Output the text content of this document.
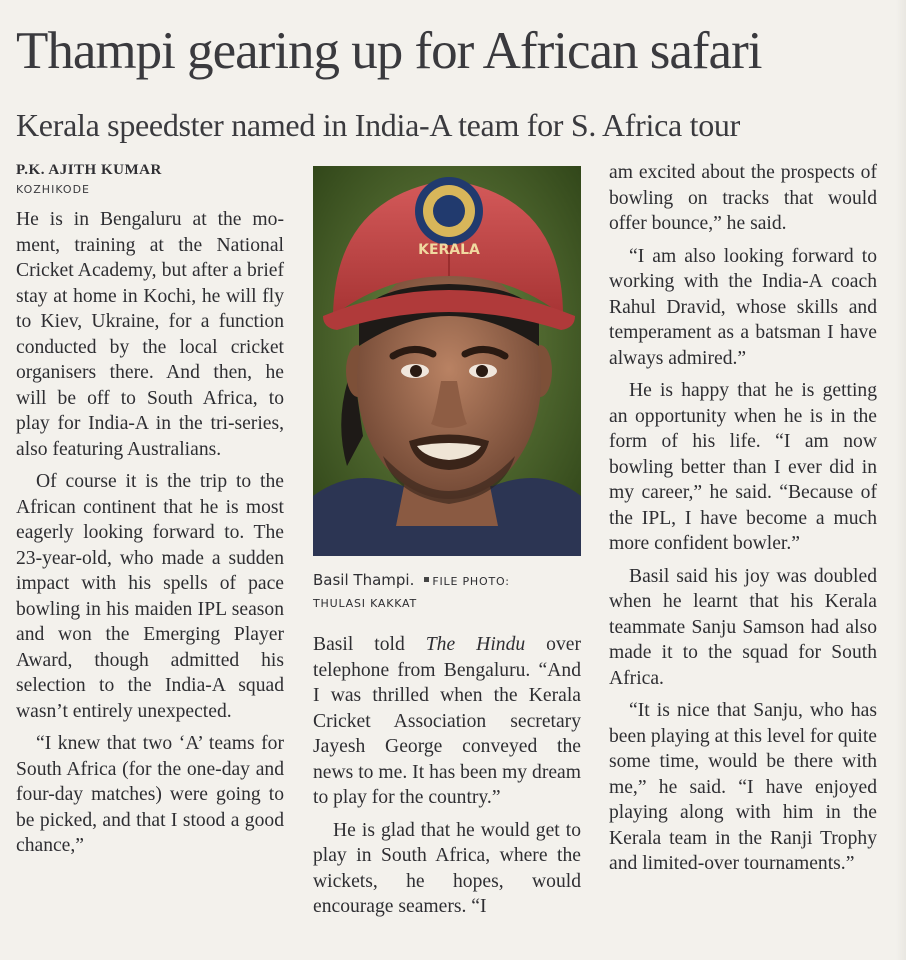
Thampi gearing up for African safari
Kerala speedster named in India-A team for S. Africa tour
P.K. AJITH KUMAR
KOZHIKODE

He is in Bengaluru at the moment, training at the National Cricket Academy, but after a brief stay at home in Kochi, he will fly to Kiev, Ukraine, for a function conducted by the local cricket organisers there. And then, he will be off to South Africa, to play for India-A in the tri-series, also featuring Australians.

Of course it is the trip to the African continent that he is most eagerly looking forward to. The 23-year-old, who made a sudden impact with his spells of pace bowling in his maiden IPL season and won the Emerging Player Award, though admitted his selection to the India-A squad wasn’t entirely unexpected.

“I knew that two ‘A’ teams for South Africa (for the one-day and four-day matches) were going to be picked, and that I stood a good chance,”

KERALA
Basil Thampi. FILE PHOTO:
THULASI KAKKAT

Basil told The Hindu over telephone from Bengaluru. “And I was thrilled when the Kerala Cricket Association secretary Jayesh George conveyed the news to me. It has been my dream to play for the country.”

He is glad that he would get to play in South Africa, where the wickets, he hopes, would encourage seamers. “I

am excited about the prospects of bowling on tracks that would offer bounce,” he said.

“I am also looking forward to working with the India-A coach Rahul Dravid, whose skills and temperament as a batsman I have always admired.”

He is happy that he is getting an opportunity when he is in the form of his life. “I am now bowling better than I ever did in my career,” he said. “Because of the IPL, I have become a much more confident bowler.”

Basil said his joy was doubled when he learnt that his Kerala teammate Sanju Samson had also made it to the squad for South Africa.

“It is nice that Sanju, who has been playing at this level for quite some time, would be there with me,” he said. “I have enjoyed playing along with him in the Kerala team in the Ranji Trophy and limited-over tournaments.”
